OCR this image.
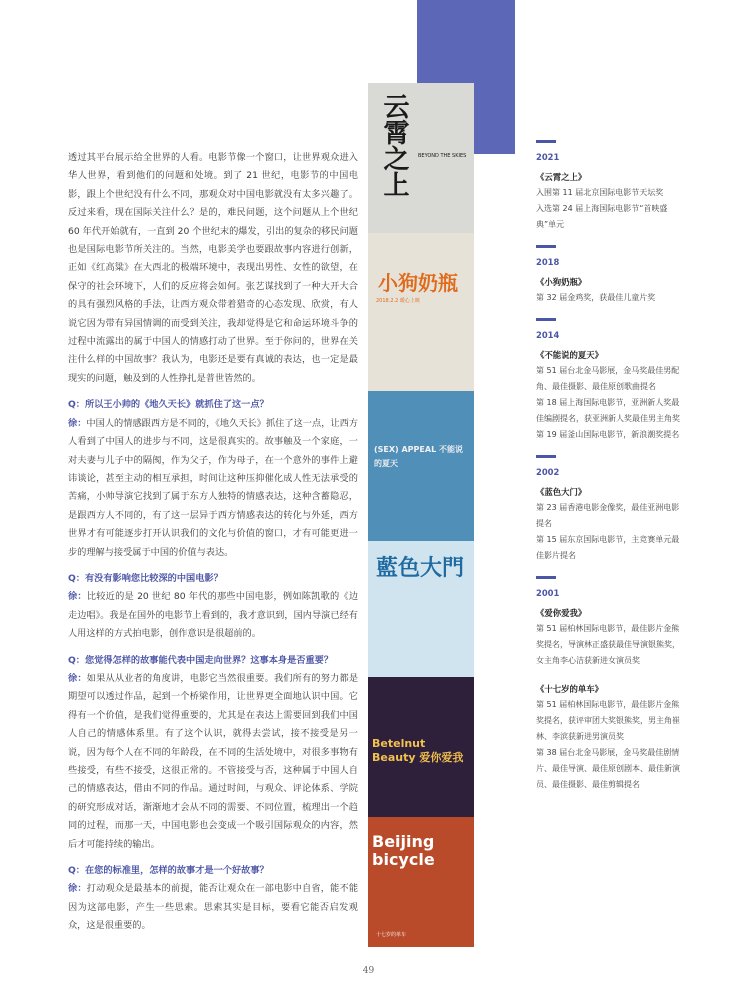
透过其平台展示给全世界的人看。电影节像一个窗口，让世界观众进入华人世界，看到他们的问题和处境。到了 21 世纪，电影节的中国电影，跟上个世纪没有什么不同，那观众对中国电影就没有太多兴趣了。反过来看，现在国际关注什么？是的，难民问题，这个问题从上个世纪 60 年代开始就有，一直到 20 个世纪末的爆发，引出的复杂的移民问题也是国际电影节所关注的。当然，电影美学也要跟故事内容进行创新，正如《红高粱》在大西北的极端环境中，表现出男性、女性的欲望，在保守的社会环境下，人们的反应将会如何。张艺谋找到了一种大开大合的具有强烈风格的手法，让西方观众带着猎奇的心态发现、欣赏，有人说它因为带有异国情调的而受到关注，我却觉得是它和命运环境斗争的过程中流露出的属于中国人的情感打动了世界。至于你问的，世界在关注什么样的中国故事？我认为，电影还是要有真诚的表达，也一定是最现实的问题，触及到的人性挣扎是普世皆然的。

Q：所以王小帅的《地久天长》就抓住了这一点？

徐：中国人的情感跟西方是不同的，《地久天长》抓住了这一点，让西方人看到了中国人的进步与不同，这是很真实的。故事触及一个家庭，一对夫妻与儿子中的隔阂，作为父子，作为母子，在一个意外的事件上避讳谈论，甚至主动的相互承担，时间让这种压抑催化成人性无法承受的苦痛，小帅导演它找到了属于东方人独特的情感表达，这种含蓄隐忍，是跟西方人不同的，有了这一层异于西方情感表达的转化与外延，西方世界才有可能逐步打开认识我们的文化与价值的窗口，才有可能更进一步的理解与接受属于中国的价值与表达。

Q：有没有影响您比较深的中国电影？

徐：比较近的是 20 世纪 80 年代的那些中国电影，例如陈凯歌的《边走边唱》。我是在国外的电影节上看到的，我才意识到，国内导演已经有人用这样的方式拍电影，创作意识是很超前的。

Q：您觉得怎样的故事能代表中国走向世界？这事本身是否重要？

徐：如果从从业者的角度讲，电影它当然很重要。我们所有的努力都是期望可以透过作品，起到一个桥梁作用，让世界更全面地认识中国。它得有一个价值，是我们觉得重要的，尤其是在表达上需要回到我们中国人自己的情感体系里。有了这个认识，就得去尝试，接不接受是另一说，因为每个人在不同的年龄段，在不同的生活处境中，对很多事物有些接受，有些不接受，这很正常的。不管接受与否，这种属于中国人自己的情感表达，借由不同的作品。通过时间，与观众、评论体系、学院的研究形成对话，渐渐地才会从不同的需要、不同位置，梳理出一个趋同的过程，而那一天，中国电影也会变成一个吸引国际观众的内容，然后才可能持续的输出。

Q：在您的标准里，怎样的故事才是一个好故事？

徐：打动观众是最基本的前提，能否让观众在一部电影中自省，能不能因为这部电影，产生一些思索。思索其实是目标，要看它能否启发观众，这是很重要的。

云霄之上	BEYOND THE SKIES
小狗奶瓶
2018.2.2 暖心上映
(SEX) APPEAL 不能说的夏天
藍色大門
Betelnut Beauty 爱你爱我
Beijing bicycle
十七岁的单车
2021
《云霄之上》
入围第 11 届北京国际电影节天坛奖
入选第 24 届上海国际电影节“首映盛典”单元
2018
《小狗奶瓶》
第 32 届金鸡奖，获最佳儿童片奖
2014
《不能说的夏天》
第 51 届台北金马影展，金马奖最佳男配角、最佳摄影、最佳原创歌曲提名
第 18 届上海国际电影节，亚洲新人奖最佳编剧提名，获亚洲新人奖最佳男主角奖
第 19 届釜山国际电影节，新浪潮奖提名
2002
《蓝色大门》
第 23 届香港电影金像奖，最佳亚洲电影提名
第 15 届东京国际电影节，主竞赛单元最佳影片提名
2001
《爱你爱我》
第 51 届柏林国际电影节，最佳影片金熊奖提名，导演林正盛获最佳导演银熊奖，女主角李心洁获新进女演员奖
《十七岁的单车》
第 51 届柏林国际电影节，最佳影片金熊奖提名，获评审团大奖银熊奖，男主角崔林、李滨获新进男演员奖
第 38 届台北金马影展，金马奖最佳剧情片、最佳导演、最佳原创剧本、最佳新演员、最佳摄影、最佳剪辑提名
49
